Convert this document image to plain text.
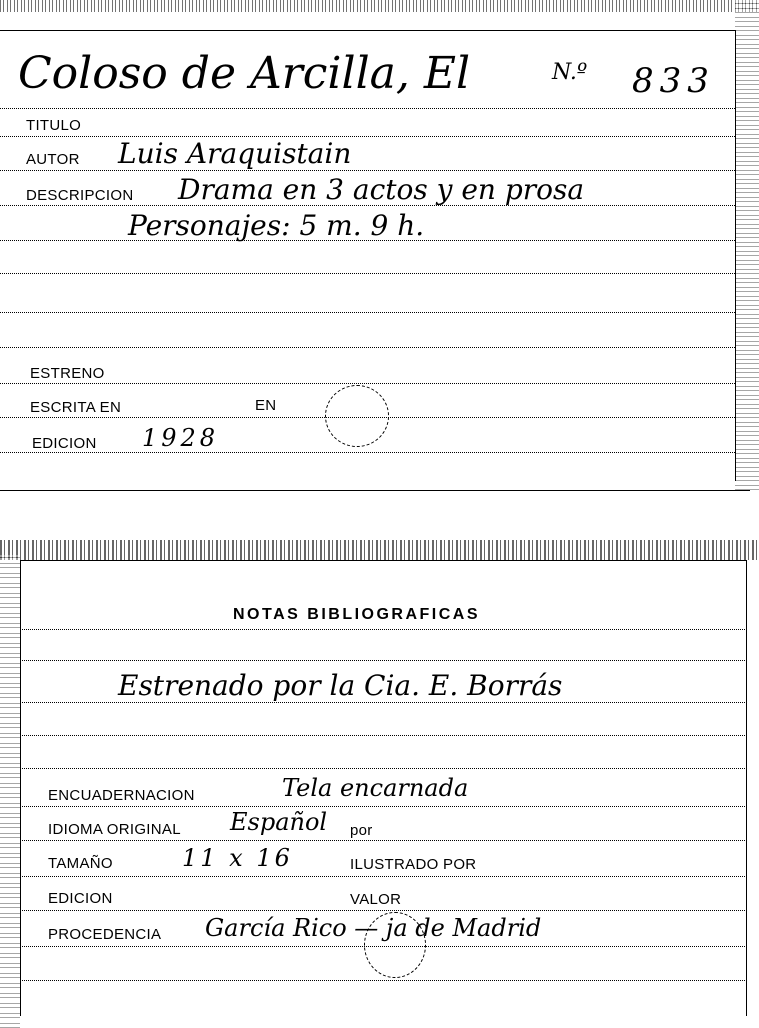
Coloso de Arcilla, El	N.º 833
TITULO
AUTOR Luis Araquistain
DESCRIPCION Drama en 3 actos y en prosa
Personajes: 5 m. 9 h.
ESTRENO
ESCRITA EN	EN
EDICION 1928
NOTAS BIBLIOGRAFICAS
Estrenado por la Cia. E. Borrás
ENCUADERNACION	Tela encarnada
IDIOMA ORIGINAL Español por
TAMAÑO	11 x 16	ILUSTRADO POR
EDICION	VALOR
PROCEDENCIA García Rico — ja de Madrid
